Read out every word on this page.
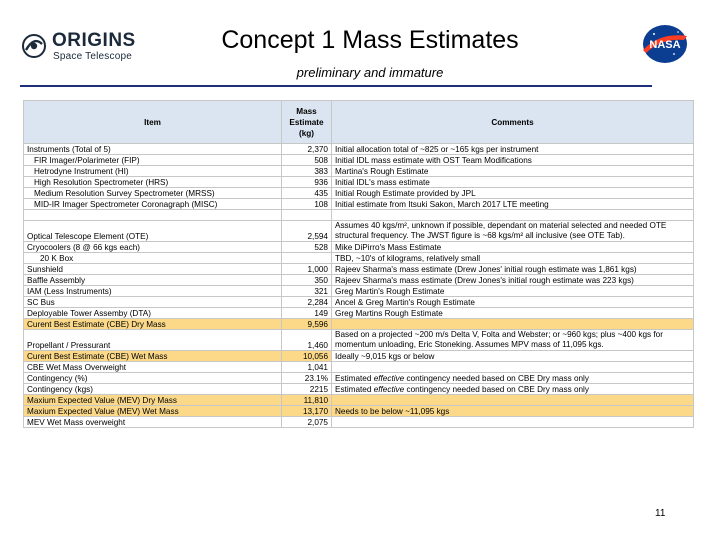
ORIGINS
Space Telescope
Concept 1 Mass Estimates
preliminary and immature
NASA
Item	Mass Estimate (kg)	Comments
Instruments (Total of 5)	2,370	Initial allocation total of ~825 or ~165 kgs per instrument
FIR Imager/Polarimeter (FIP)	508	Initial IDL mass estimate with OST Team Modifications
Hetrodyne Instrument (HI)	383	Martina's Rough Estimate
High Resolution Spectrometer (HRS)	936	Initial IDL's mass estimate
Medium Resolution Survey Spectrometer (MRSS)	435	Initial Rough Estimate provided by JPL
MID-IR Imager Spectrometer Coronagraph (MISC)	108	Initial estimate from Itsuki Sakon, March 2017 LTE meeting

Optical Telescope Element (OTE)	2,594	Assumes 40 kgs/m², unknown if possible, dependant on material selected and needed OTE structural frequency. The JWST figure is ~68 kgs/m² all inclusive (see OTE Tab).
Cryocoolers (8 @ 66 kgs each)	528	Mike DiPirro's Mass Estimate
20 K Box		TBD, ~10's of kilograms, relatively small
Sunshield	1,000	Rajeev Sharma's mass estimate (Drew Jones' initial rough estimate was 1,861 kgs)
Baffle Assembly	350	Rajeev Sharma's mass estimate (Drew Jones's initial rough estimate was 223 kgs)
IAM (Less Instruments)	321	Greg Martin's Rough Estimate
SC Bus	2,284	Ancel & Greg Martin's Rough Estimate
Deployable Tower Assemby (DTA)	149	Greg Martins Rough Estimate
Curent Best Estimate (CBE) Dry Mass	9,596	
Propellant / Pressurant	1,460	Based on a projected ~200 m/s Delta V, Folta and Webster; or ~960 kgs; plus ~400 kgs for momentum unloading, Eric Stoneking. Assumes MPV mass of 11,095 kgs.
Curent Best Estimate (CBE) Wet Mass	10,056	Ideally ~9,015 kgs or below
CBE Wet Mass Overweight	1,041	
Contingency (%)	23.1%	Estimated effective contingency needed based on CBE Dry mass only
Contingency (kgs)	2215	Estimated effective contingency needed based on CBE Dry mass only
Maxium Expected Value (MEV) Dry Mass	11,810	
Maxium Expected Value (MEV) Wet Mass	13,170	Needs to be below ~11,095 kgs
MEV Wet Mass overweight	2,075	
11
